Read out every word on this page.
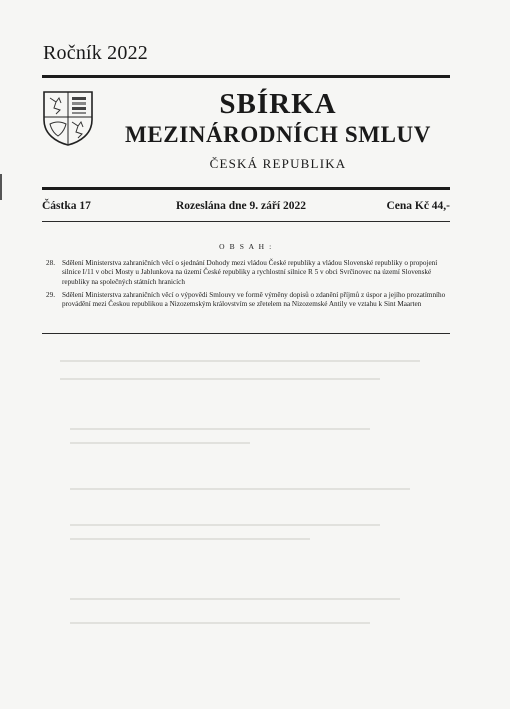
Ročník 2022
SBÍRKA
MEZINÁRODNÍCH SMLUV
ČESKÁ REPUBLIKA
Částka 17	Rozeslána dne 9. září 2022	Cena Kč 44,-
O B S A H :
28. Sdělení Ministerstva zahraničních věcí o sjednání Dohody mezi vládou České republiky a vládou Slovenské republiky o propojení silnice I/11 v obci Mosty u Jablunkova na území České republiky a rychlostní silnice R 5 v obci Svrčinovec na území Slovenské republiky na společných státních hranicích
29. Sdělení Ministerstva zahraničních věcí o výpovědi Smlouvy ve formě výměny dopisů o zdanění příjmů z úspor a jejího prozatímního provádění mezi Českou republikou a Nizozemským královstvím se zřetelem na Nizozemské Antily ve vztahu k Sint Maarten
